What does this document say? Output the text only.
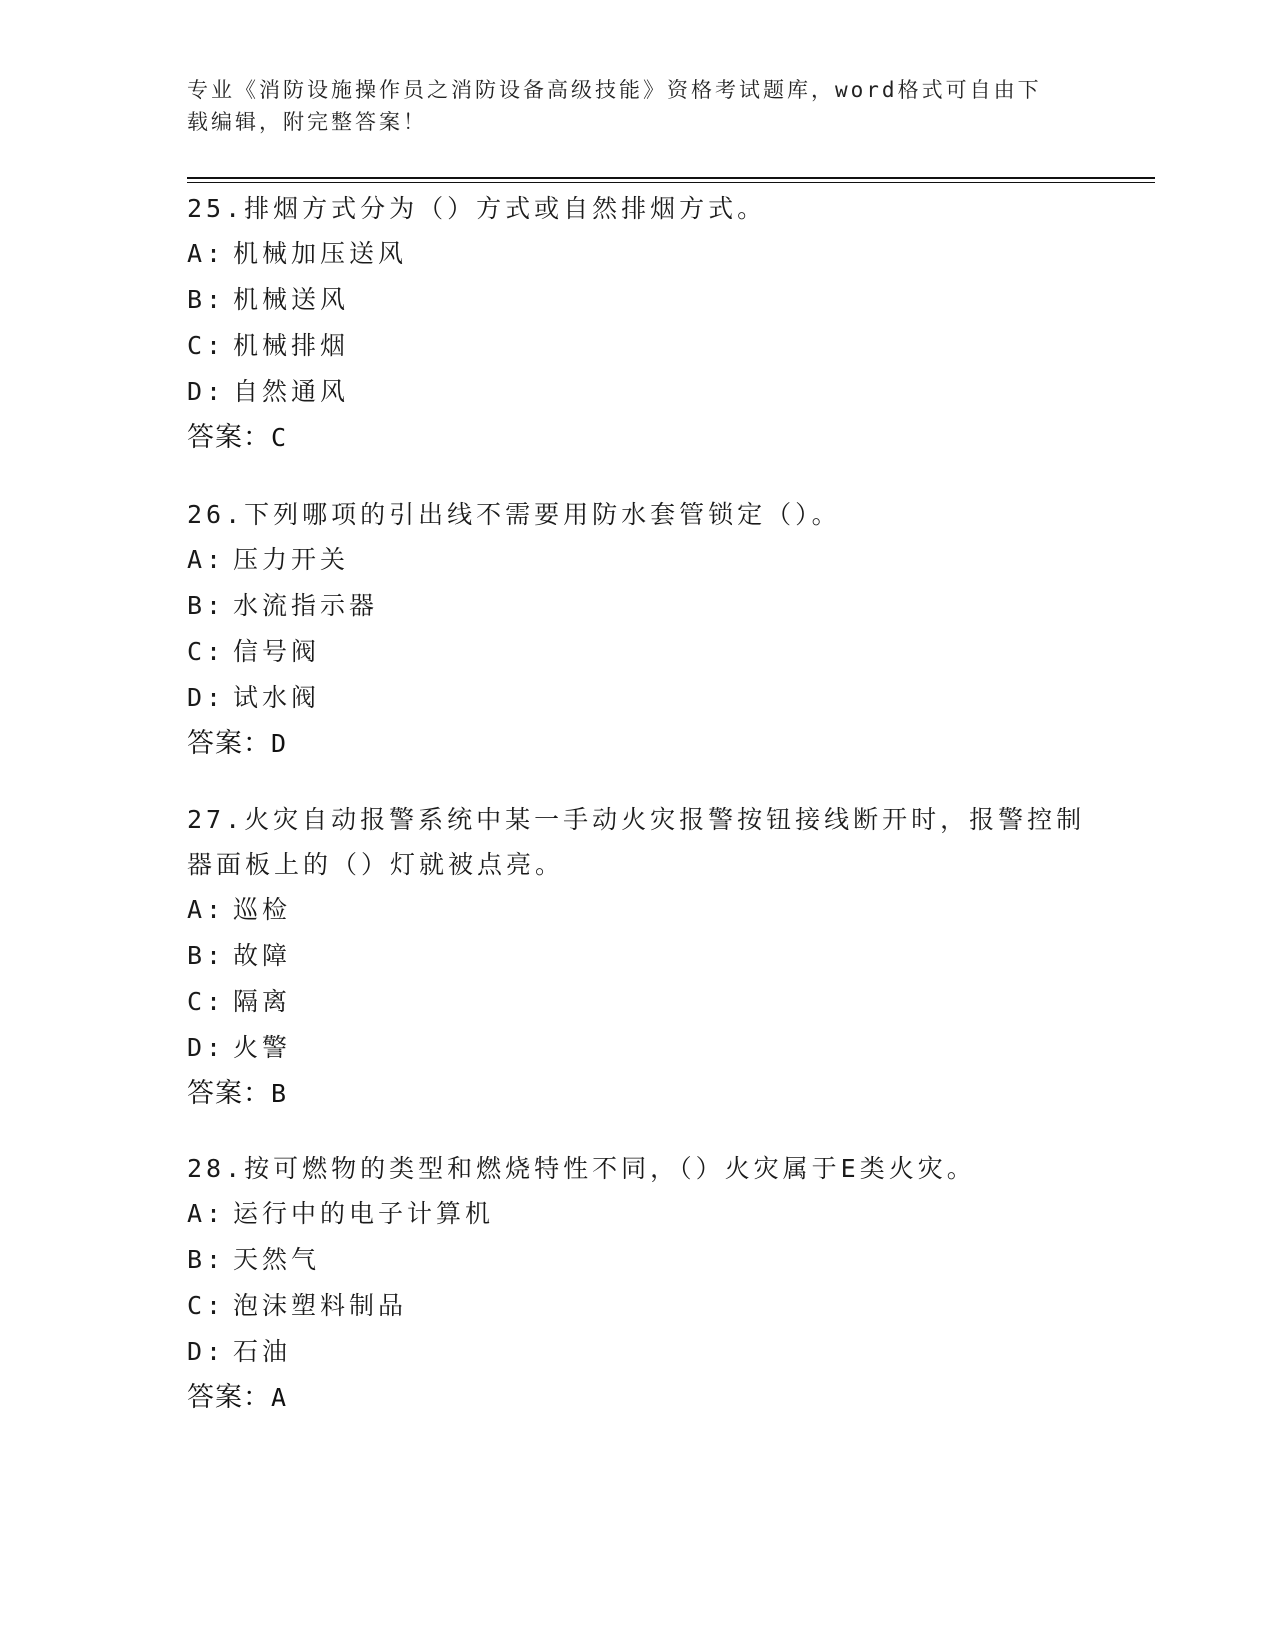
专业《消防设施操作员之消防设备高级技能》资格考试题库，word格式可自由下
载编辑，附完整答案！

25.排烟方式分为（）方式或自然排烟方式。

A: 机械加压送风

B: 机械送风

C: 机械排烟

D: 自然通风

答案：C

26.下列哪项的引出线不需要用防水套管锁定（）。

A: 压力开关

B: 水流指示器

C: 信号阀

D: 试水阀

答案：D

27.火灾自动报警系统中某一手动火灾报警按钮接线断开时，报警控制

器面板上的（）灯就被点亮。

A: 巡检

B: 故障

C: 隔离

D: 火警

答案：B

28.按可燃物的类型和燃烧特性不同，（）火灾属于E类火灾。

A: 运行中的电子计算机

B: 天然气

C: 泡沫塑料制品

D: 石油

答案：A
